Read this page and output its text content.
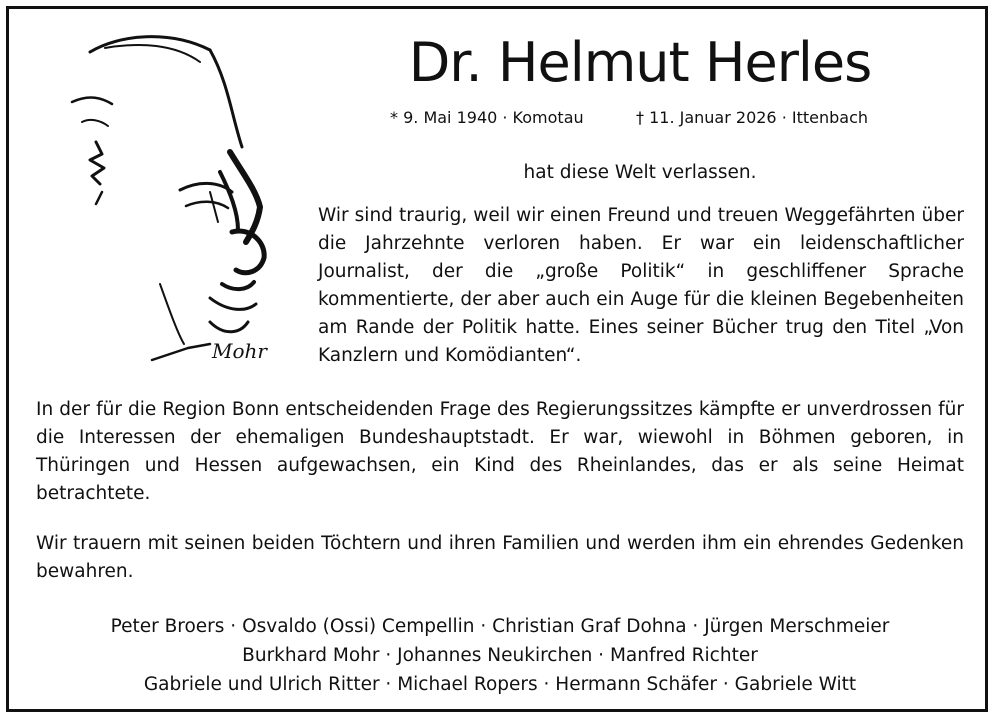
Mohr
Dr. Helmut Herles
* 9. Mai 1940 · Komotau	† 11. Januar 2026 · Ittenbach
hat diese Welt verlassen.

Wir sind traurig, weil wir einen Freund und treuen Weggefährten über die Jahrzehnte verloren haben. Er war ein leidenschaftlicher Journalist, der die „große Politik“ in geschliffener Sprache kommentierte, der aber auch ein Auge für die kleinen Begebenheiten am Rande der Politik hatte. Eines seiner Bücher trug den Titel „Von Kanzlern und Komödianten“.

In der für die Region Bonn entscheidenden Frage des Regierungssitzes kämpfte er unverdrossen für die Interessen der ehemaligen Bundeshauptstadt. Er war, wiewohl in Böhmen geboren, in Thüringen und Hessen aufgewachsen, ein Kind des Rheinlandes, das er als seine Heimat betrachtete.

Wir trauern mit seinen beiden Töchtern und ihren Familien und werden ihm ein ehrendes Gedenken bewahren.

Peter Broers · Osvaldo (Ossi) Cempellin · Christian Graf Dohna · Jürgen Merschmeier
Burkhard Mohr · Johannes Neukirchen · Manfred Richter
Gabriele und Ulrich Ritter · Michael Ropers · Hermann Schäfer · Gabriele Witt
